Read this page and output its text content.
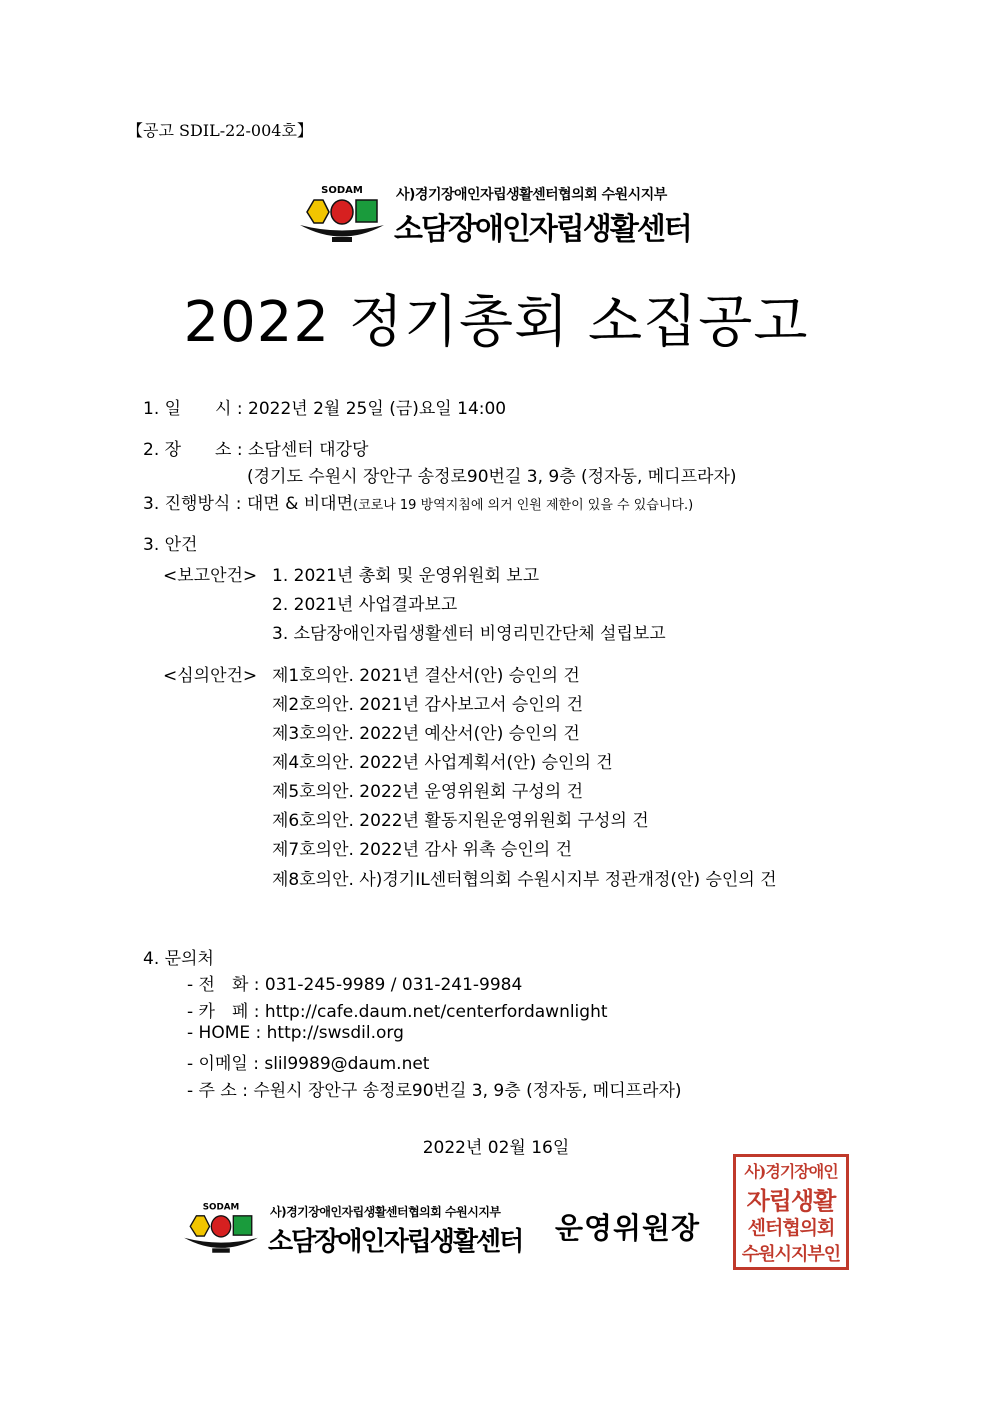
【공고 SDIL-22-004호】
SODAM 사)경기장애인자립생활센터협의회 수원시지부
소담장애인자립생활센터
2022 정기총회 소집공고
1. 일　　시 : 2022년 2월 25일 (금)요일 14:00
2. 장　　소 : 소담센터 대강당
(경기도 수원시 장안구 송정로90번길 3, 9층 (정자동, 메디프라자)
3. 진행방식 : 대면 & 비대면(코로나 19 방역지침에 의거 인원 제한이 있을 수 있습니다.)
3. 안건
<보고안건> 1. 2021년 총회 및 운영위원회 보고
2. 2021년 사업결과보고
3. 소담장애인자립생활센터 비영리민간단체 설립보고
<심의안건> 제1호의안. 2021년 결산서(안) 승인의 건
제2호의안. 2021년 감사보고서 승인의 건
제3호의안. 2022년 예산서(안) 승인의 건
제4호의안. 2022년 사업계획서(안) 승인의 건
제5호의안. 2022년 운영위원회 구성의 건
제6호의안. 2022년 활동지원운영위원회 구성의 건
제7호의안. 2022년 감사 위촉 승인의 건
제8호의안. 사)경기IL센터협의회 수원시지부 정관개정(안) 승인의 건
4. 문의처
- 전　화 : 031-245-9989 / 031-241-9984
- 카　페 : http://cafe.daum.net/centerfordawnlight
- HOME : http://swsdil.org
- 이메일 : slil9989@daum.net
- 주 소 : 수원시 장안구 송정로90번길 3, 9층 (정자동, 메디프라자)
2022년 02월 16일
SODAM	사)경기장애인자립생활센터협의회 수원시지부
소담장애인자립생활센터 운영위원장
사)경기장애인
자립생활
센터협의회
수원시지부인
